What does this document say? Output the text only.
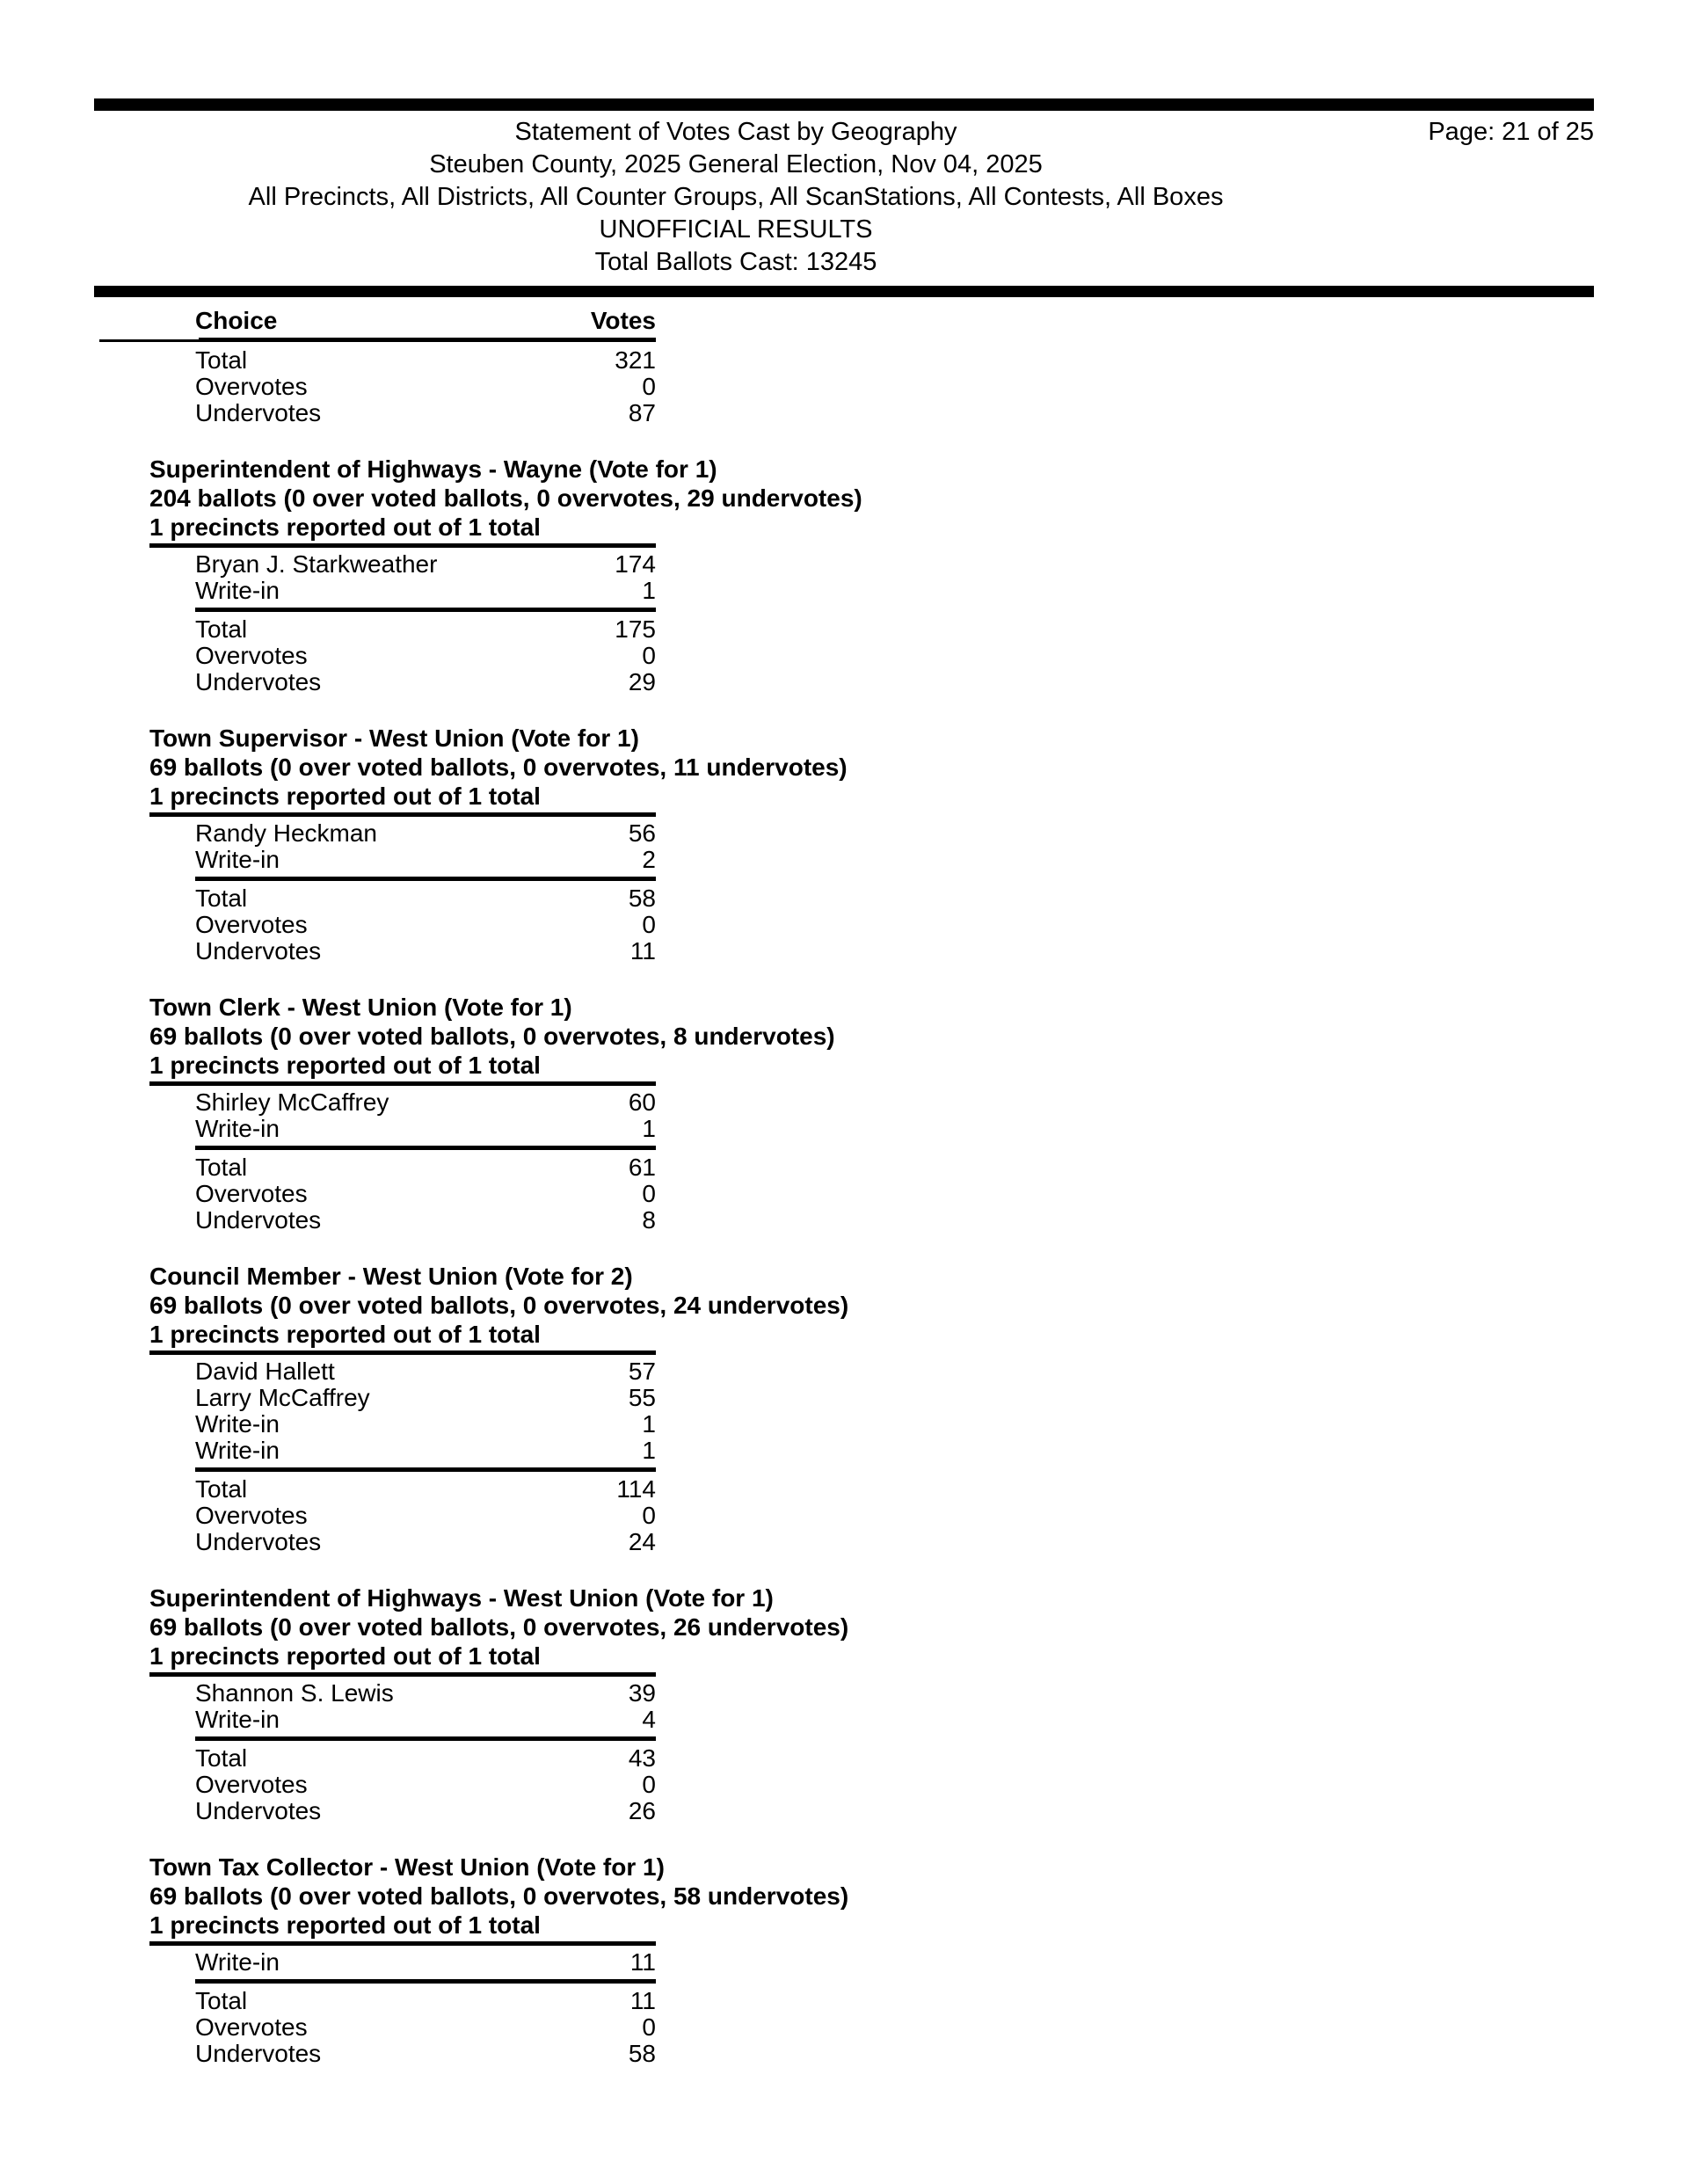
Statement of Votes Cast by Geography
Steuben County, 2025 General Election, Nov 04, 2025
All Precincts, All Districts, All Counter Groups, All ScanStations, All Contests, All Boxes
UNOFFICIAL RESULTS
Total Ballots Cast: 13245
Page: 21 of 25
Choice	Votes
Total	321
Overvotes	0
Undervotes	87
Superintendent of Highways - Wayne (Vote for 1)
204 ballots (0 over voted ballots, 0 overvotes, 29 undervotes)
1 precincts reported out of 1 total
Bryan J. Starkweather	174
Write-in	1
Total	175
Overvotes	0
Undervotes	29
Town Supervisor - West Union (Vote for 1)
69 ballots (0 over voted ballots, 0 overvotes, 11 undervotes)
1 precincts reported out of 1 total
Randy Heckman	56
Write-in	2
Total	58
Overvotes	0
Undervotes	11
Town Clerk - West Union (Vote for 1)
69 ballots (0 over voted ballots, 0 overvotes, 8 undervotes)
1 precincts reported out of 1 total
Shirley McCaffrey	60
Write-in	1
Total	61
Overvotes	0
Undervotes	8
Council Member - West Union (Vote for 2)
69 ballots (0 over voted ballots, 0 overvotes, 24 undervotes)
1 precincts reported out of 1 total
David Hallett	57
Larry McCaffrey	55
Write-in	1
Write-in	1
Total	114
Overvotes	0
Undervotes	24
Superintendent of Highways - West Union (Vote for 1)
69 ballots (0 over voted ballots, 0 overvotes, 26 undervotes)
1 precincts reported out of 1 total
Shannon S. Lewis	39
Write-in	4
Total	43
Overvotes	0
Undervotes	26
Town Tax Collector - West Union (Vote for 1)
69 ballots (0 over voted ballots, 0 overvotes, 58 undervotes)
1 precincts reported out of 1 total
Write-in	11
Total	11
Overvotes	0
Undervotes	58
